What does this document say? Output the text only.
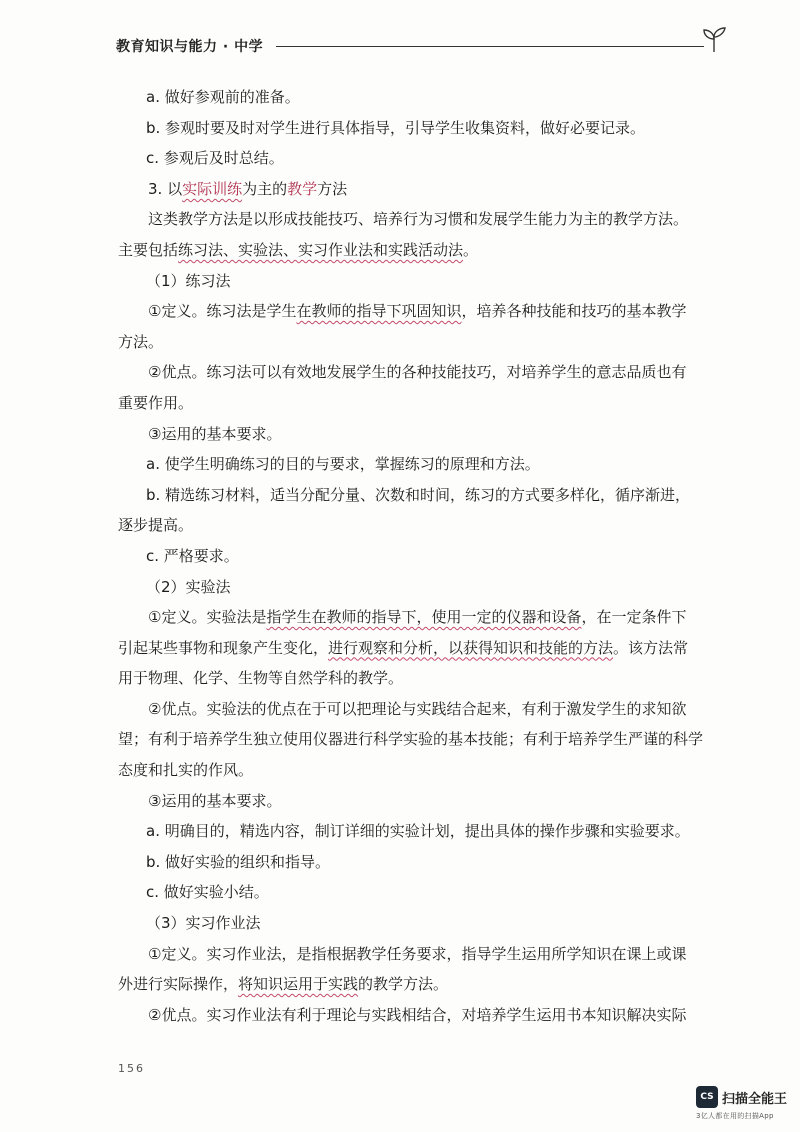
教育知识与能力 · 中学

a. 做好参观前的准备。

b. 参观时要及时对学生进行具体指导，引导学生收集资料，做好必要记录。

c. 参观后及时总结。

3. 以实际训练为主的教学方法

这类教学方法是以形成技能技巧、培养行为习惯和发展学生能力为主的教学方法。

主要包括练习法、实验法、实习作业法和实践活动法。

（1）练习法

①定义。练习法是学生在教师的指导下巩固知识，培养各种技能和技巧的基本教学

方法。

②优点。练习法可以有效地发展学生的各种技能技巧，对培养学生的意志品质也有

重要作用。

③运用的基本要求。

a. 使学生明确练习的目的与要求，掌握练习的原理和方法。

b. 精选练习材料，适当分配分量、次数和时间，练习的方式要多样化，循序渐进，

逐步提高。

c. 严格要求。

（2）实验法

①定义。实验法是指学生在教师的指导下，使用一定的仪器和设备，在一定条件下

引起某些事物和现象产生变化，进行观察和分析，以获得知识和技能的方法。该方法常

用于物理、化学、生物等自然学科的教学。

②优点。实验法的优点在于可以把理论与实践结合起来，有利于激发学生的求知欲

望；有利于培养学生独立使用仪器进行科学实验的基本技能；有利于培养学生严谨的科学

态度和扎实的作风。

③运用的基本要求。

a. 明确目的，精选内容，制订详细的实验计划，提出具体的操作步骤和实验要求。

b. 做好实验的组织和指导。

c. 做好实验小结。

（3）实习作业法

①定义。实习作业法，是指根据教学任务要求，指导学生运用所学知识在课上或课

外进行实际操作，将知识运用于实践的教学方法。

②优点。实习作业法有利于理论与实践相结合，对培养学生运用书本知识解决实际

156
CS 扫描全能王
3亿人都在用的扫描App
